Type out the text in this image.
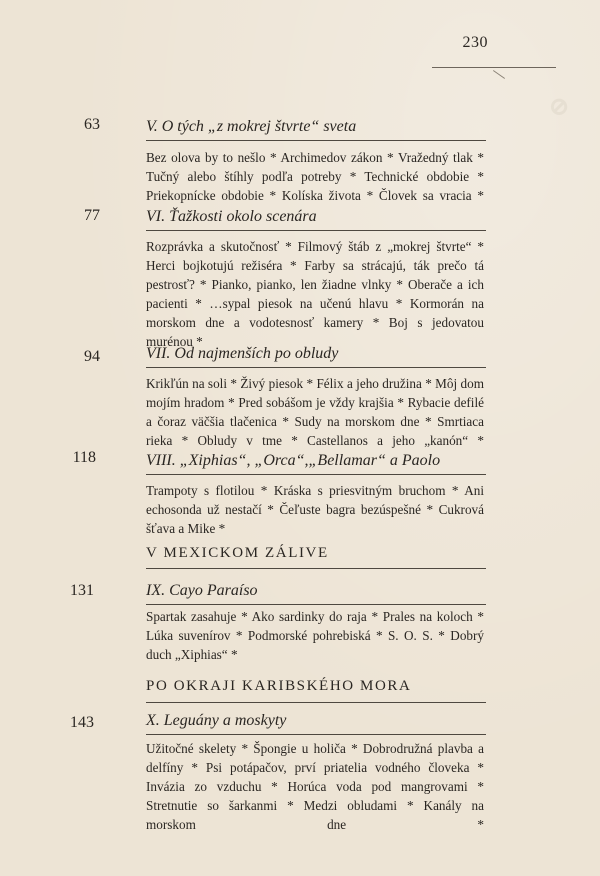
⊘
230
63	V. O tých „z mokrej štvrte“ sveta
Bez olova by to nešlo * Archimedov zákon * Vražedný tlak * Tučný alebo štíhly podľa potreby * Technické obdobie * Priekopnícke obdobie * Kolíska života * Človek sa vracia *
77	VI. Ťažkosti okolo scenára
Rozprávka a skutočnosť * Filmový štáb z „mokrej štvrte“ * Herci bojkotujú režiséra * Farby sa strácajú, ták prečo tá pestrosť? * Pianko, pianko, len žiadne vlnky * Oberače a ich pacienti * …sypal piesok na učenú hlavu * Kormorán na morskom dne a vodotesnosť kamery * Boj s jedovatou murénou *
94	VII. Od najmenších po obludy
Krikľún na soli * Živý piesok * Félix a jeho družina * Môj dom mojím hradom * Pred sobášom je vždy krajšia * Rybacie defilé a čoraz väčšia tlačenica * Sudy na morskom dne * Smrtiaca rieka * Obludy v tme * Castellanos a jeho „kanón“ *
118	VIII. „Xiphias“, „Orca“,„Bellamar“ a Paolo
Trampoty s flotilou * Kráska s priesvitným bruchom * Ani echosonda už nestačí * Čeľuste bagra bezúspešné * Cukrová šťava a Mike *
V MEXICKOM ZÁLIVE
131	IX. Cayo Paraíso
Spartak zasahuje * Ako sardinky do raja * Prales na koloch * Lúka suvenírov * Podmorské pohrebiská * S. O. S. * Dobrý duch „Xiphias“ *
PO OKRAJI KARIBSKÉHO MORA
143	X. Leguány a moskyty
Užitočné skelety * Špongie u holiča * Dobrodružná plavba a delfíny * Psi potápačov, prví priatelia vodného človeka * Invázia zo vzduchu * Horúca voda pod mangrovami * Stretnutie so šarkanmi * Medzi obludami * Kanály na morskom dne *
